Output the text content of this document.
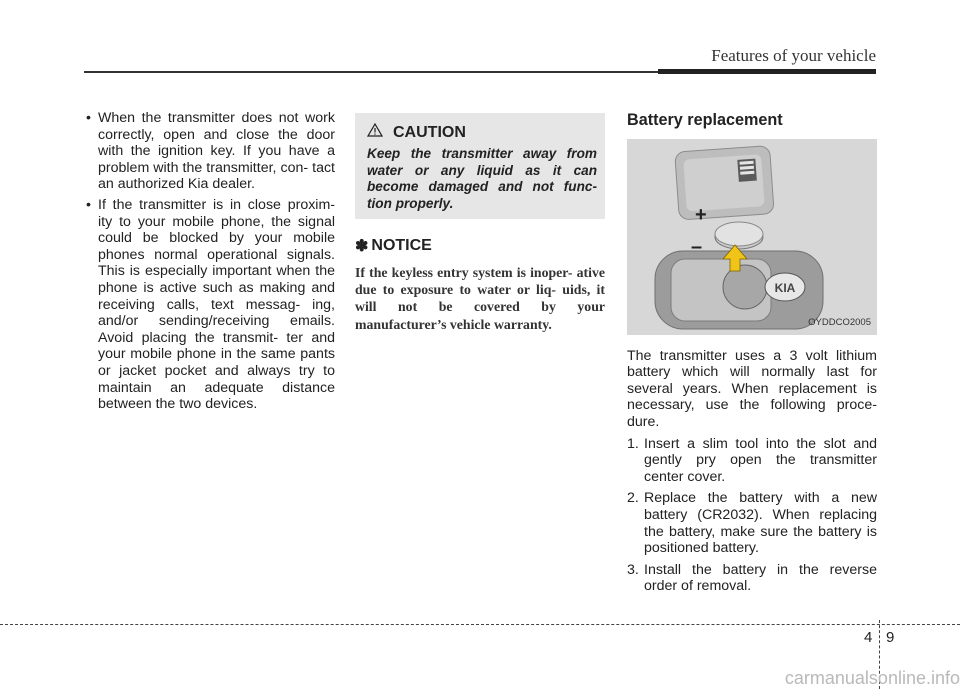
Features of your vehicle
• When the transmitter does not work correctly, open and close the door with the ignition key. If you have a problem with the transmitter, con- tact an authorized Kia dealer.
• If the transmitter is in close proxim- ity to your mobile phone, the signal could be blocked by your mobile phones normal operational signals. This is especially important when the phone is active such as making and receiving calls, text messag- ing, and/or sending/receiving emails. Avoid placing the transmit- ter and your mobile phone in the same pants or jacket pocket and always try to maintain an adequate distance between the two devices.
CAUTION
Keep the transmitter away from water or any liquid as it can become damaged and not func- tion properly.
✽ NOTICE
If the keyless entry system is inoper- ative due to exposure to water or liq- uids, it will not be covered by your manufacturer’s vehicle warranty.
Battery replacement
KIA
+
–
OYDDCO2005
The transmitter uses a 3 volt lithium battery which will normally last for several years. When replacement is necessary, use the following proce- dure.
1. Insert a slim tool into the slot and gently pry open the transmitter center cover.
2. Replace the battery with a new battery (CR2032). When replacing the battery, make sure the battery is positioned battery.
3. Install the battery in the reverse order of removal.
4 9
carmanualsonline.info
